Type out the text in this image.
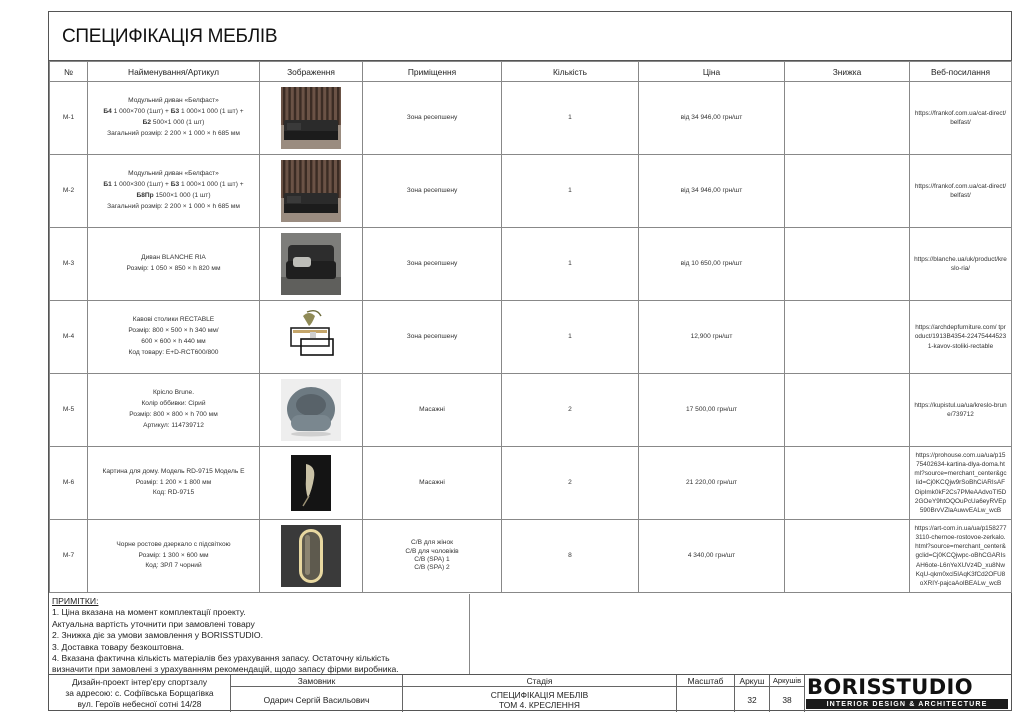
СПЕЦИФІКАЦІЯ МЕБЛІВ
№	Найменування/Артикул	Зображення	Приміщення	Кількість	Ціна	Знижка	Веб-посилання
М-1	Модульний диван «Белфаст»
Б4 1 000×700 (1шт) + Б3 1 000×1 000 (1 шт) +
Б2 500×1 000 (1 шт)
Загальний розмір: 2 200 × 1 000 × h 685 мм		Зона ресепшену	1	від 34 946,00 грн/шт		https://frankof.com.ua/cat-direct/belfast/
М-2	Модульний диван «Белфаст»
Б1 1 000×300 (1шт) + Б3 1 000×1 000 (1 шт) +
Б8Пр 1500×1 000 (1 шт)
Загальний розмір: 2 200 × 1 000 × h 685 мм		Зона ресепшену	1	від 34 946,00 грн/шт		https://frankof.com.ua/cat-direct/belfast/
М-3	Диван BLANCHE RIA
Розмір: 1 050 × 850 × h 820 мм		Зона ресепшену	1	від 10 650,00 грн/шт		https://blanche.ua/uk/product/kreslo-ria/
М-4	Кавові столики RECTABLE
Розмір: 800 × 500 × h 340 мм/
600 × 600 × h 440 мм
Код товару: E+D-RCT600/800		Зона ресепшену	1	12,900 грн/шт		https://archdepfurniture.com/ tproduct/1913B4354-224754445231-kavov-stoliki-rectable
М-5	Крісло Brune.
Колір оббивки: Сірий
Розмір: 800 × 800 × h 700 мм
Артикул: 114739712		Масажні	2	17 500,00 грн/шт		https://kupistul.ua/ua/kreslo-brune/739712
М-6	Картина для дому. Модель RD-9715 Модель E
Розмір: 1 200 × 1 800 мм
Код: RD-9715		Масажні	2	21 220,00 грн/шт		https://prohouse.com.ua/ua/p1575402634-kartina-dlya-doma.html?source=merchant_center&gclid=Cj0KCQjw9rSoBhCiARIsAFOipImk0kF2Cs7PMeAAdvoTI5D2GOeY9htOQOuPcUa6eyRVEp590BrvVZlaAuwvEALw_wcB
М-7	Чорне ростове дзеркало с підсвіткою
Розмір: 1 300 × 600 мм
Код: ЗРЛ 7 чорний		С/В для жінок
С/В для чоловіків
С/В (SPA) 1
С/В (SPA) 2	8	4 340,00 грн/шт		https://art-com.in.ua/ua/p1582773110-chernoe-rostovoe-zerkalo.html?source=merchant_center&gclid=Cj0KCQjwpc-oBhCGARIsAH6ote-L6nYeXUVz4D_xu8NwKqU-qkm0xcl5IAqK3fCd2OFU8oXRIY-pajcaAoIBEALw_wcB
ПРИМІТКИ:
1. Ціна вказана на момент комплектації проекту.
Актуальна вартість уточнити при замовлені товару
2. Знижка діє за умови замовлення у BORISSTUDIO.
3. Доставка товару безкоштовна.
4. Вказана фактична кількість матеріалів без урахування запасу. Остаточну кількість
визначити при замовлені з урахуванням рекомендацій, щодо запасу фірми виробника.
Дизайн-проект інтер'єру спортзалу
за адресою: с. Софіївська Борщагівка
вул. Героїв небесної сотні 14/28
Замовник
Одарич Сергій Васильович
Стадія
СПЕЦИФІКАЦІЯ МЕБЛІВ
ТОМ 4. КРЕСЛЕННЯ
Масштаб	Аркуш
32
Аркушів
38
BORISSTUDIO
INTERIOR DESIGN & ARCHITECTURE
